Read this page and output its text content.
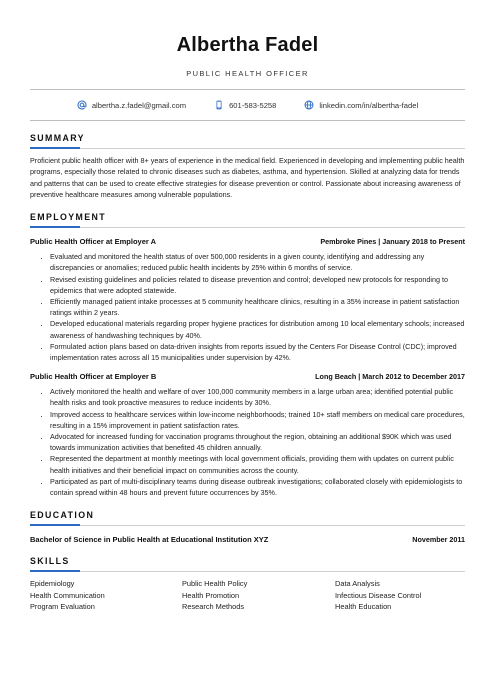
Albertha Fadel
PUBLIC HEALTH OFFICER
albertha.z.fadel@gmail.com	601-583-5258	linkedin.com/in/albertha-fadel
SUMMARY
Proficient public health officer with 8+ years of experience in the medical field. Experienced in developing and implementing public health programs, especially those related to chronic diseases such as diabetes, asthma, and hypertension. Skilled at analyzing data for trends and patterns that can be used to create effective strategies for disease prevention or control. Passionate about increasing awareness of preventive healthcare measures among vulnerable populations.
EMPLOYMENT
Public Health Officer at Employer A	Pembroke Pines | January 2018 to Present
• Evaluated and monitored the health status of over 500,000 residents in a given county, identifying and addressing any discrepancies or anomalies; reduced public health incidents by 25% within 6 months of service.
• Revised existing guidelines and policies related to disease prevention and control; developed new protocols for responding to epidemics that were adopted statewide.
• Efficiently managed patient intake processes at 5 community healthcare clinics, resulting in a 35% increase in patient satisfaction ratings within 2 years.
• Developed educational materials regarding proper hygiene practices for distribution among 10 local elementary schools; increased awareness of handwashing techniques by 40%.
• Formulated action plans based on data-driven insights from reports issued by the Centers For Disease Control (CDC); improved implementation rates across all 15 municipalities under supervision by 42%.
Public Health Officer at Employer B	Long Beach | March 2012 to December 2017
• Actively monitored the health and welfare of over 100,000 community members in a large urban area; identified potential public health risks and took proactive measures to reduce incidents by 30%.
• Improved access to healthcare services within low-income neighborhoods; trained 10+ staff members on medical care procedures, resulting in a 15% improvement in patient satisfaction rates.
• Advocated for increased funding for vaccination programs throughout the region, obtaining an additional $90K which was used towards immunization activities that benefited 45 children annually.
• Represented the department at monthly meetings with local government officials, providing them with updates on current public health initiatives and their beneficial impact on communities across the county.
• Participated as part of multi-disciplinary teams during disease outbreak investigations; collaborated closely with epidemiologists to contain spread within 48 hours and prevent future occurrences by 35%.
EDUCATION
Bachelor of Science in Public Health at Educational Institution XYZ	November 2011
SKILLS
Epidemiology	Public Health Policy	Data Analysis
Health Communication	Health Promotion	Infectious Disease Control
Program Evaluation	Research Methods	Health Education
